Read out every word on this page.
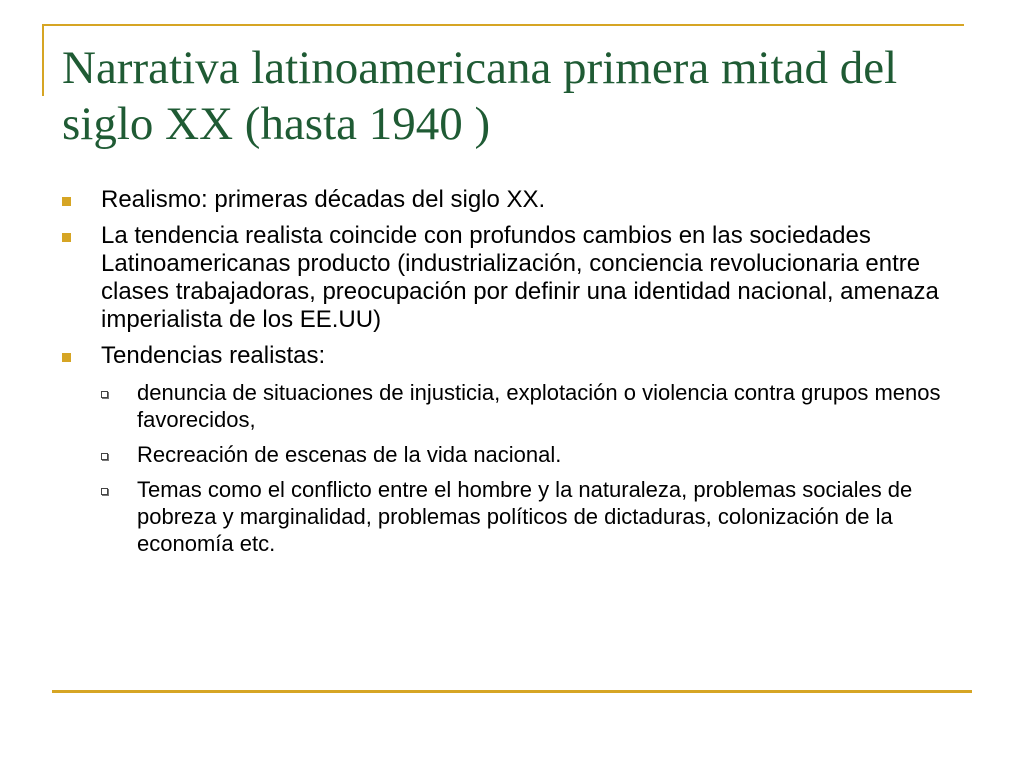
Narrativa latinoamericana primera mitad del siglo XX (hasta 1940 )
Realismo: primeras décadas del siglo XX.
La tendencia realista coincide con profundos cambios en las sociedades Latinoamericanas producto (industrialización, conciencia revolucionaria entre clases trabajadoras, preocupación por definir una identidad nacional, amenaza imperialista de los EE.UU)
Tendencias realistas:
denuncia de situaciones de injusticia, explotación o violencia contra grupos menos favorecidos,
Recreación de escenas de la vida nacional.
Temas como el conflicto entre el hombre y la naturaleza, problemas sociales de pobreza y marginalidad, problemas políticos de dictaduras, colonización de la economía etc.
